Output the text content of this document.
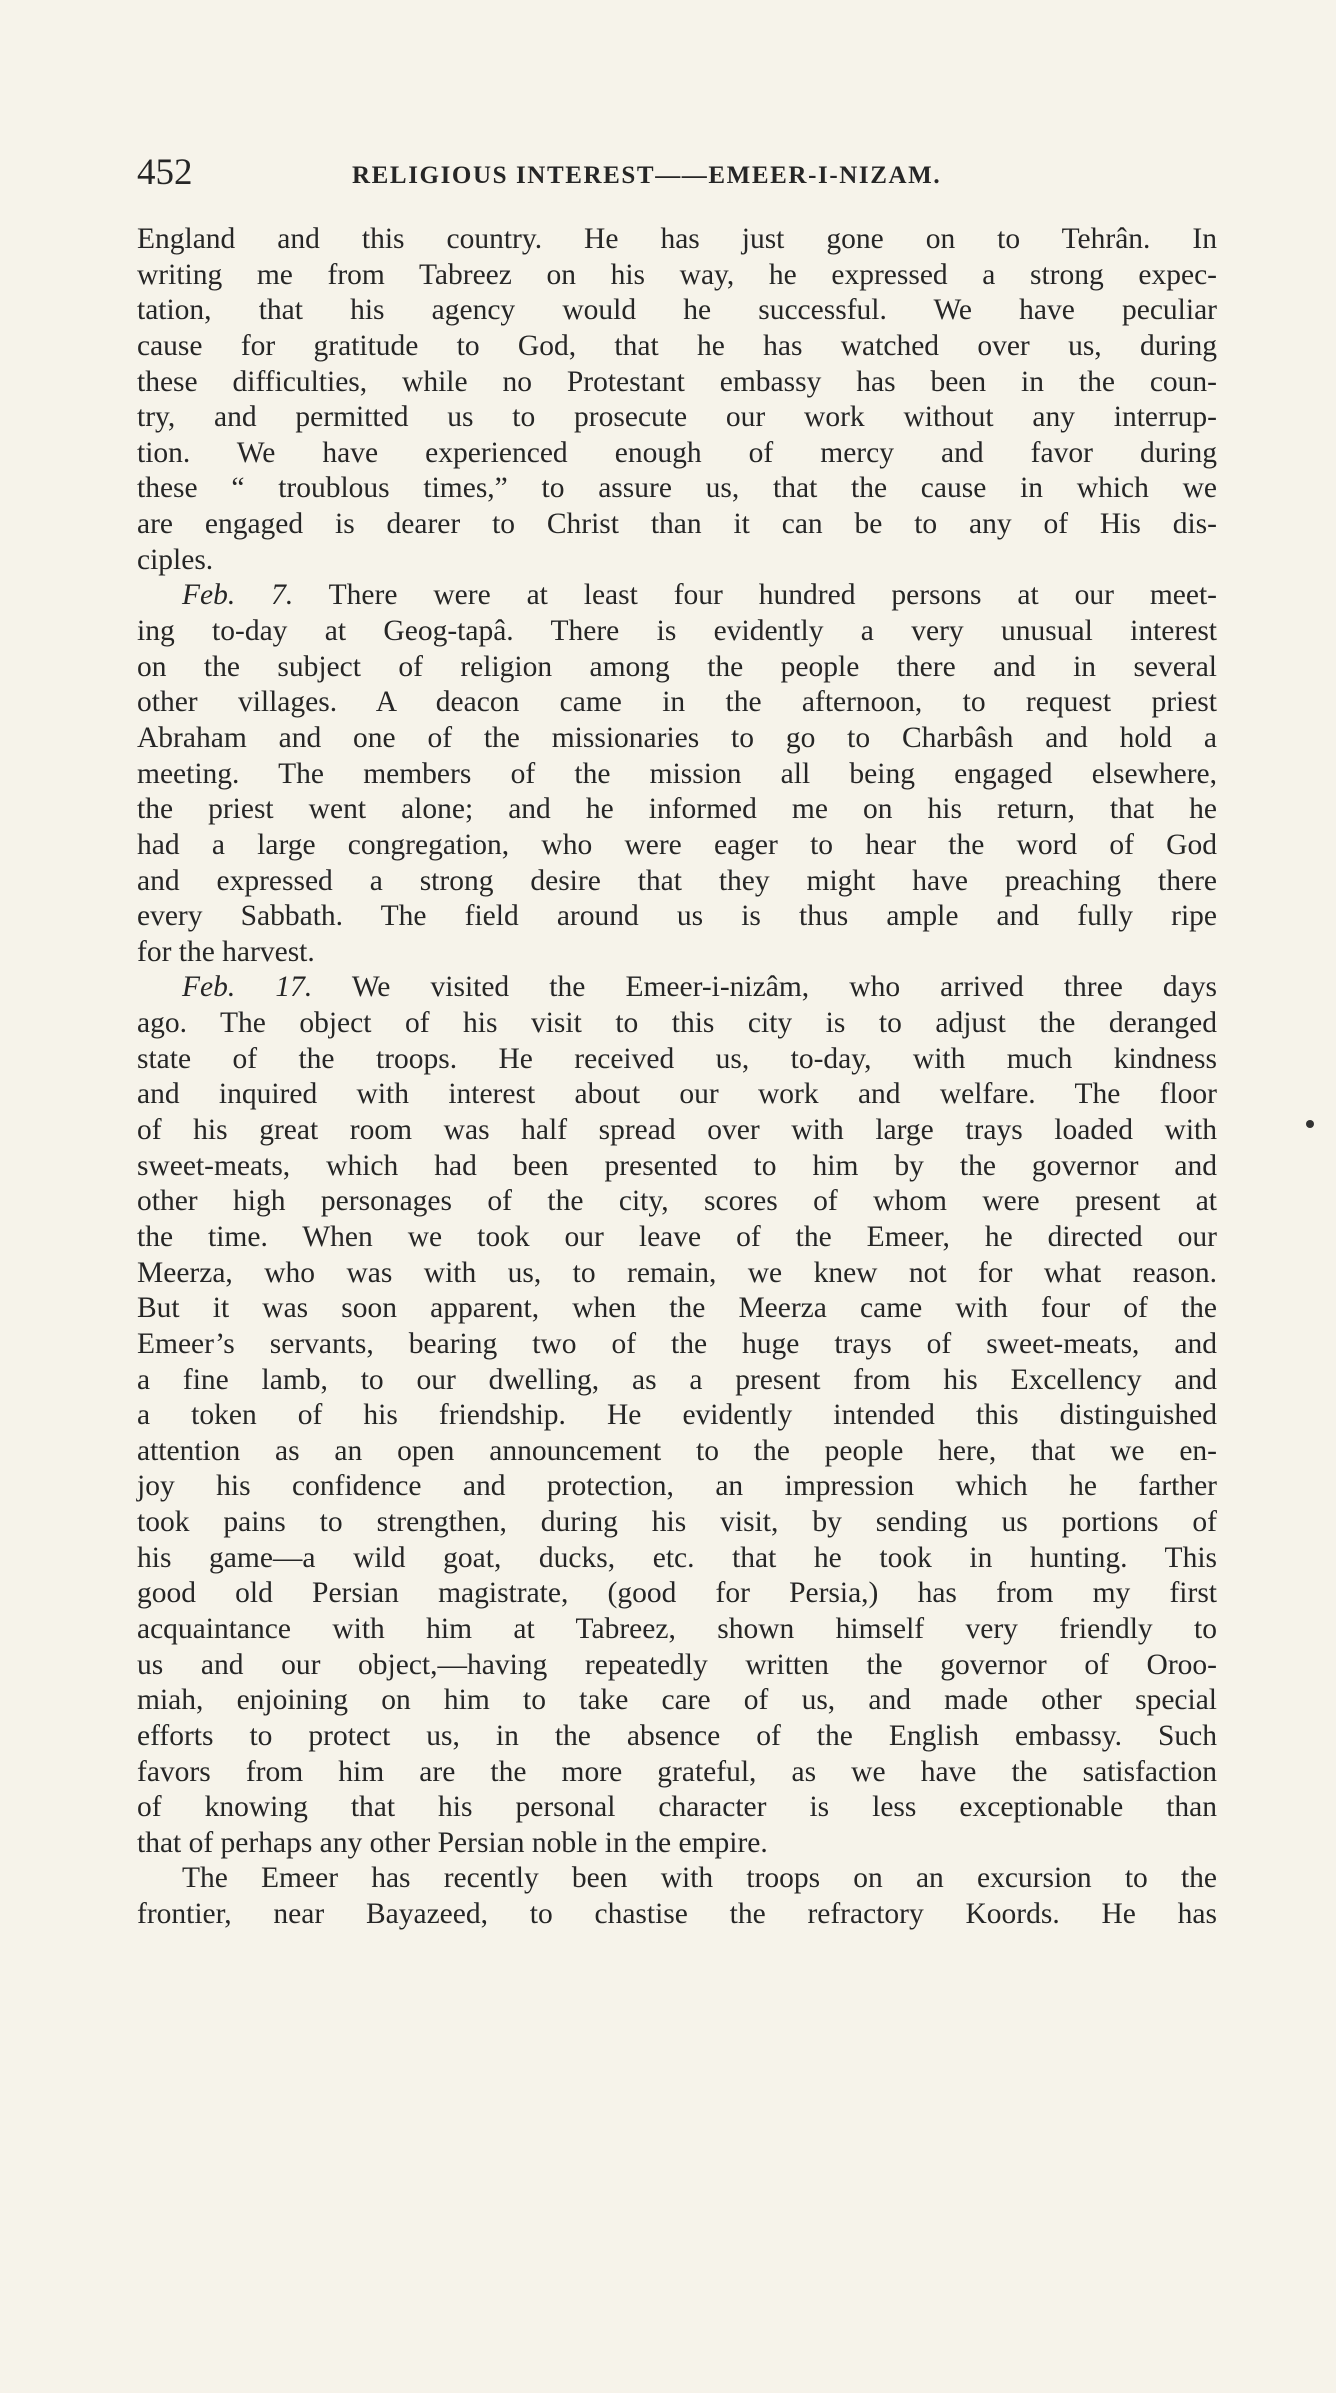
452	RELIGIOUS INTEREST——EMEER-I-NIZAM.
England and this country. He has just gone on to Tehrân. In
writing me from Tabreez on his way, he expressed a strong expec-
tation, that his agency would he successful. We have peculiar
cause for gratitude to God, that he has watched over us, during
these difficulties, while no Protestant embassy has been in the coun-
try, and permitted us to prosecute our work without any interrup-
tion. We have experienced enough of mercy and favor during
these “ troublous times,” to assure us, that the cause in which we
are engaged is dearer to Christ than it can be to any of His dis-
ciples.
Feb. 7. There were at least four hundred persons at our meet-
ing to-day at Geog-tapâ. There is evidently a very unusual interest
on the subject of religion among the people there and in several
other villages. A deacon came in the afternoon, to request priest
Abraham and one of the missionaries to go to Charbâsh and hold a
meeting. The members of the mission all being engaged elsewhere,
the priest went alone; and he informed me on his return, that he
had a large congregation, who were eager to hear the word of God
and expressed a strong desire that they might have preaching there
every Sabbath. The field around us is thus ample and fully ripe
for the harvest.
Feb. 17. We visited the Emeer-i-nizâm, who arrived three days
ago. The object of his visit to this city is to adjust the deranged
state of the troops. He received us, to-day, with much kindness
and inquired with interest about our work and welfare. The floor
of his great room was half spread over with large trays loaded with
sweet-meats, which had been presented to him by the governor and
other high personages of the city, scores of whom were present at
the time. When we took our leave of the Emeer, he directed our
Meerza, who was with us, to remain, we knew not for what reason.
But it was soon apparent, when the Meerza came with four of the
Emeer’s servants, bearing two of the huge trays of sweet-meats, and
a fine lamb, to our dwelling, as a present from his Excellency and
a token of his friendship. He evidently intended this distinguished
attention as an open announcement to the people here, that we en-
joy his confidence and protection, an impression which he farther
took pains to strengthen, during his visit, by sending us portions of
his game—a wild goat, ducks, etc. that he took in hunting. This
good old Persian magistrate, (good for Persia,) has from my first
acquaintance with him at Tabreez, shown himself very friendly to
us and our object,—having repeatedly written the governor of Oroo-
miah, enjoining on him to take care of us, and made other special
efforts to protect us, in the absence of the English embassy. Such
favors from him are the more grateful, as we have the satisfaction
of knowing that his personal character is less exceptionable than
that of perhaps any other Persian noble in the empire.
The Emeer has recently been with troops on an excursion to the
frontier, near Bayazeed, to chastise the refractory Koords. He has
